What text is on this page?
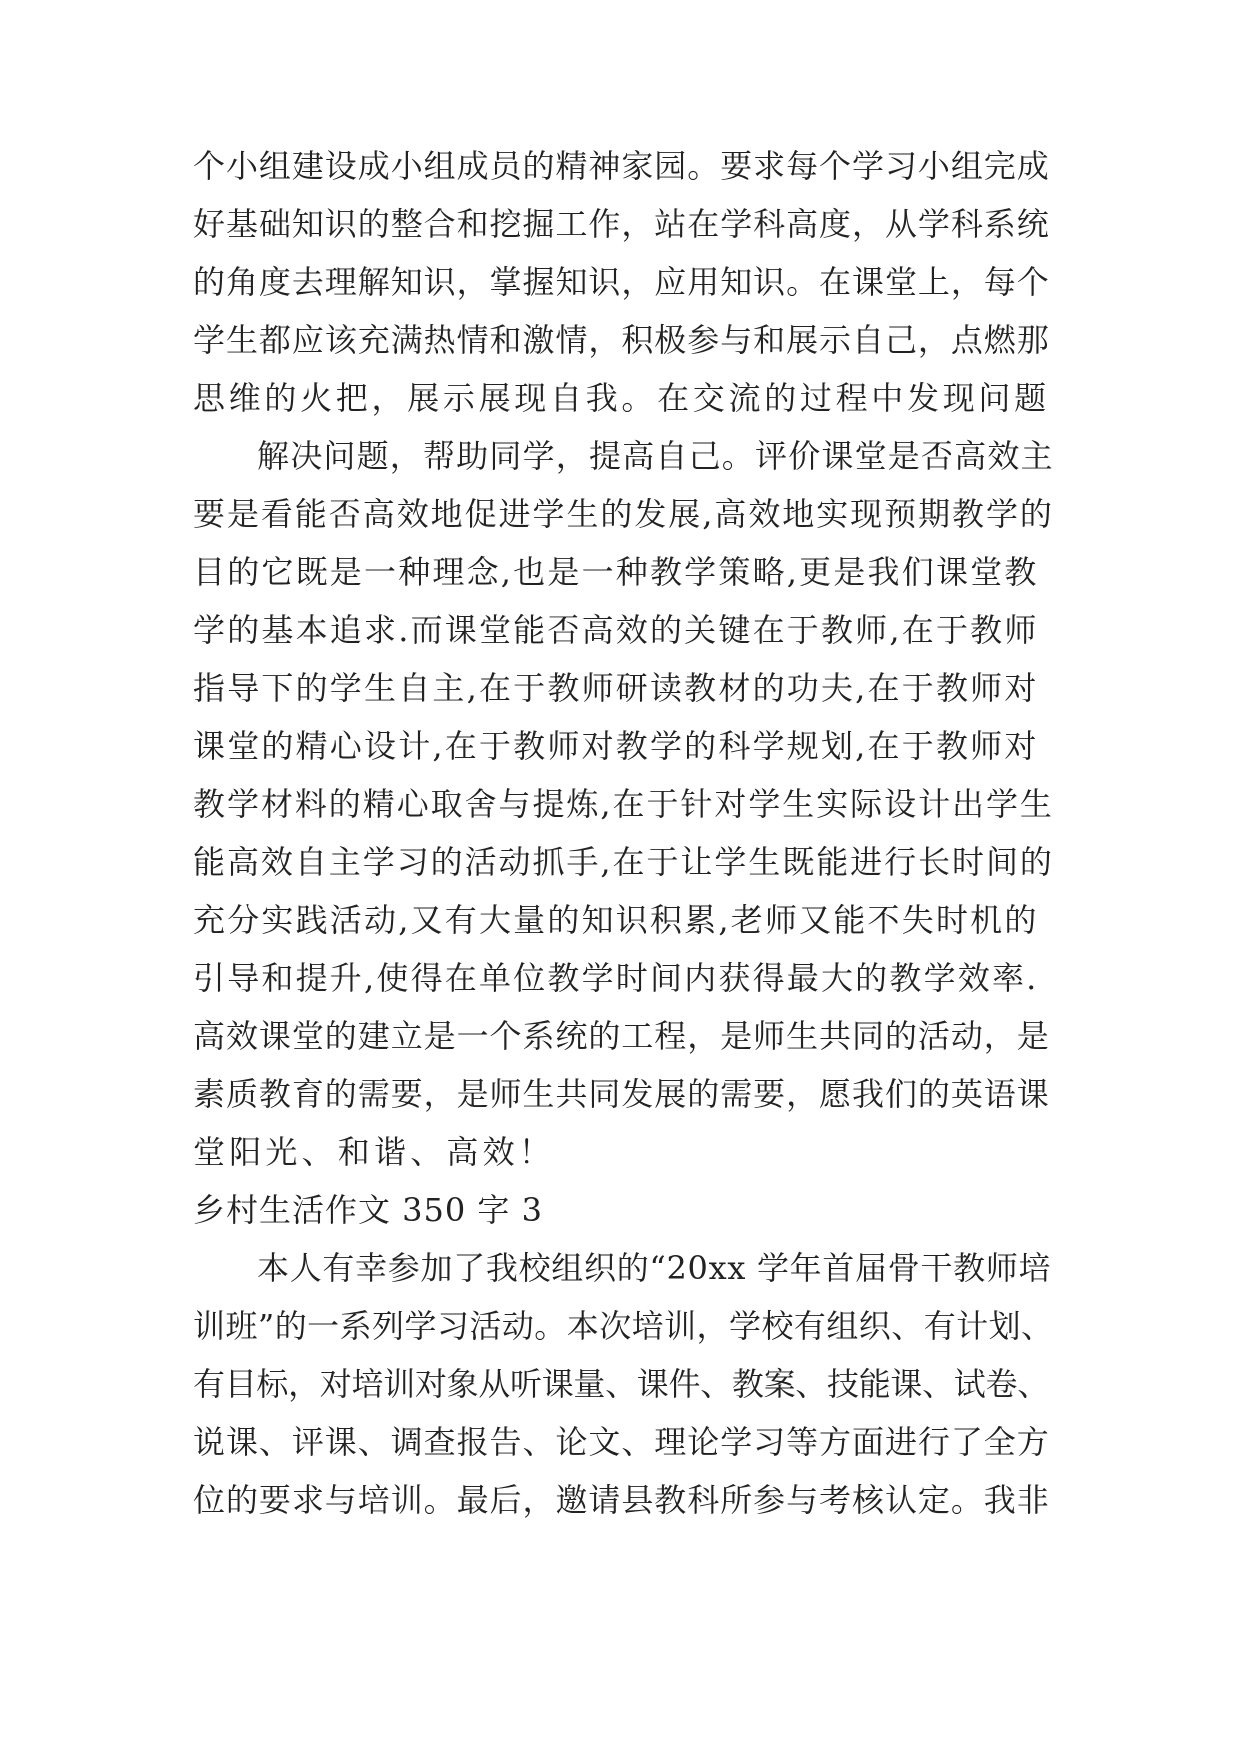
个小组建设成小组成员的精神家园。要求每个学习小组完成
好基础知识的整合和挖掘工作，站在学科高度，从学科系统
的角度去理解知识，掌握知识，应用知识。在课堂上，每个
学生都应该充满热情和激情，积极参与和展示自己，点燃那
思维的火把，展示展现自我。在交流的过程中发现问题
解决问题，帮助同学，提高自己。评价课堂是否高效主
要是看能否高效地促进学生的发展,高效地实现预期教学的
目的它既是一种理念,也是一种教学策略,更是我们课堂教
学的基本追求.而课堂能否高效的关键在于教师,在于教师
指导下的学生自主,在于教师研读教材的功夫,在于教师对
课堂的精心设计,在于教师对教学的科学规划,在于教师对
教学材料的精心取舍与提炼,在于针对学生实际设计出学生
能高效自主学习的活动抓手,在于让学生既能进行长时间的
充分实践活动,又有大量的知识积累,老师又能不失时机的
引导和提升,使得在单位教学时间内获得最大的教学效率.
高效课堂的建立是一个系统的工程，是师生共同的活动，是
素质教育的需要，是师生共同发展的需要，愿我们的英语课
堂阳光、和谐、高效！
乡村生活作文 350 字 3
本人有幸参加了我校组织的“20xx 学年首届骨干教师培
训班”的一系列学习活动。本次培训，学校有组织、有计划、
有目标，对培训对象从听课量、课件、教案、技能课、试卷、
说课、评课、调查报告、论文、理论学习等方面进行了全方
位的要求与培训。最后，邀请县教科所参与考核认定。我非
